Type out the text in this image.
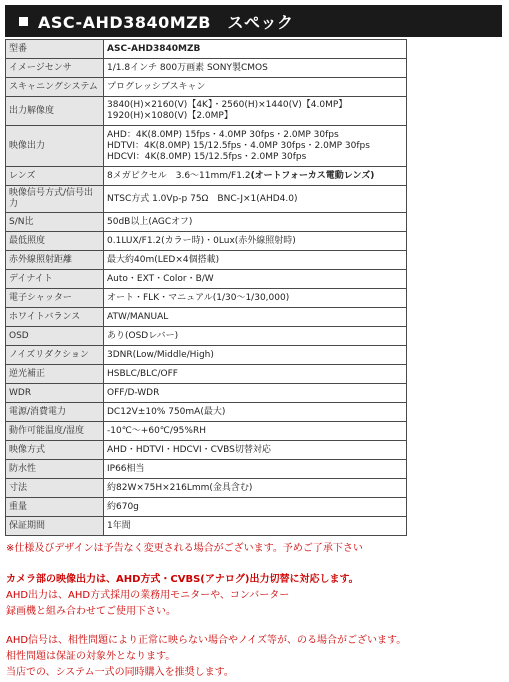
ASC-AHD3840MZB　スペック
型番	ASC-AHD3840MZB

イメージセンサ	1/1.8インチ 800万画素 SONY製CMOS

スキャニングシステム	プログレッシブスキャン

出力解像度	3840(H)×2160(V)【4K】・2560(H)×1440(V)【4.0MP】
1920(H)×1080(V)【2.0MP】

映像出力	AHD：4K(8.0MP) 15fps・4.0MP 30fps・2.0MP 30fps
HDTVI：4K(8.0MP) 15/12.5fps・4.0MP 30fps・2.0MP 30fps
HDCVI：4K(8.0MP) 15/12.5fps・2.0MP 30fps

レンズ	8メガピクセル　3.6～11mm/F1.2(オートフォーカス電動レンズ)

映像信号方式/信号出力	NTSC方式 1.0Vp-p 75Ω　BNC-J×1(AHD4.0)

S/N比	50dB以上(AGCオフ)

最低照度	0.1LUX/F1.2(カラー時)・0Lux(赤外線照射時)

赤外線照射距離	最大約40m(LED×4個搭載)

デイナイト	Auto・EXT・Color・B/W

電子シャッター	オート・FLK・マニュアル(1/30～1/30,000)

ホワイトバランス	ATW/MANUAL

OSD	あり(OSDレバー)

ノイズリダクション	3DNR(Low/Middle/High)

逆光補正	HSBLC/BLC/OFF

WDR	OFF/D-WDR

電源/消費電力	DC12V±10% 750mA(最大)

動作可能温度/湿度	-10℃～+60℃/95%RH

映像方式	AHD・HDTVI・HDCVI・CVBS切替対応

防水性	IP66相当

寸法	約82W×75H×216Lmm(金具含む)

重量	約670g

保証期間	1年間
※仕様及びデザインは予告なく変更される場合がございます。予めご了承下さい
カメラ部の映像出力は、AHD方式・CVBS(アナログ)出力切替に対応します。
AHD出力は、AHD方式採用の業務用モニターや、コンバーター
録画機と組み合わせてご使用下さい。
AHD信号は、相性問題により正常に映らない場合やノイズ等が、のる場合がございます。
相性問題は保証の対象外となります。
当店での、システム一式の同時購入を推奨します。
